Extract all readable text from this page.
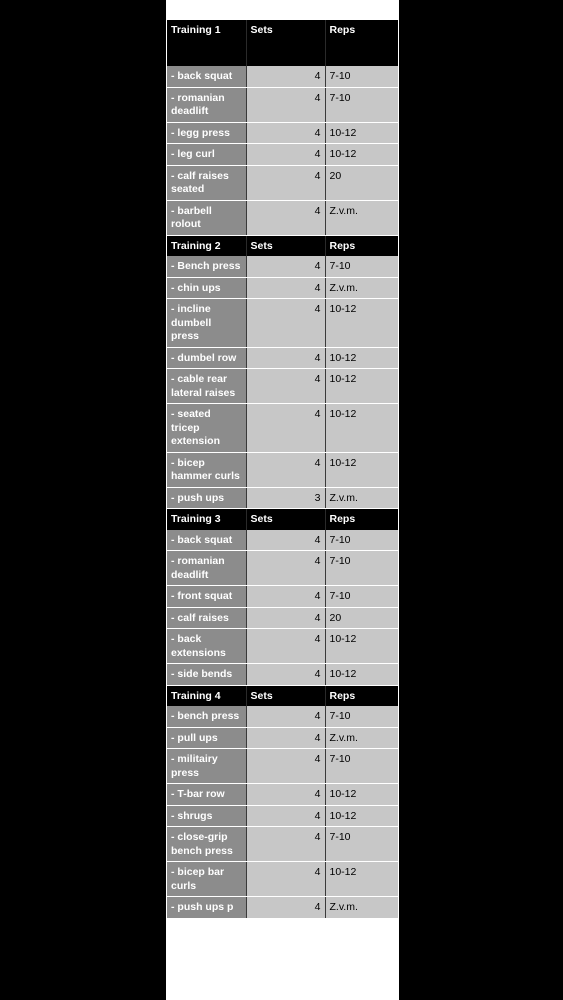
Training 1	Sets	Reps
- back squat	4	7-10
- romanian deadlift	4	7-10
- legg press	4	10-12
- leg curl	4	10-12
- calf raises seated	4	20
- barbell rolout	4	Z.v.m.
Training 2	Sets	Reps
- Bench press	4	7-10
- chin ups	4	Z.v.m.
- incline dumbell press	4	10-12
- dumbel row	4	10-12
- cable rear lateral raises	4	10-12
- seated tricep extension	4	10-12
- bicep hammer curls	4	10-12
- push ups	3	Z.v.m.
Training 3	Sets	Reps
- back squat	4	7-10
- romanian deadlift	4	7-10
- front squat	4	7-10
- calf raises	4	20
- back extensions	4	10-12
- side bends	4	10-12
Training 4	Sets	Reps
- bench press	4	7-10
- pull ups	4	Z.v.m.
- militairy press	4	7-10
- T-bar row	4	10-12
- shrugs	4	10-12
- close-grip bench press	4	7-10
- bicep bar curls	4	10-12
- push ups p	4	Z.v.m.
